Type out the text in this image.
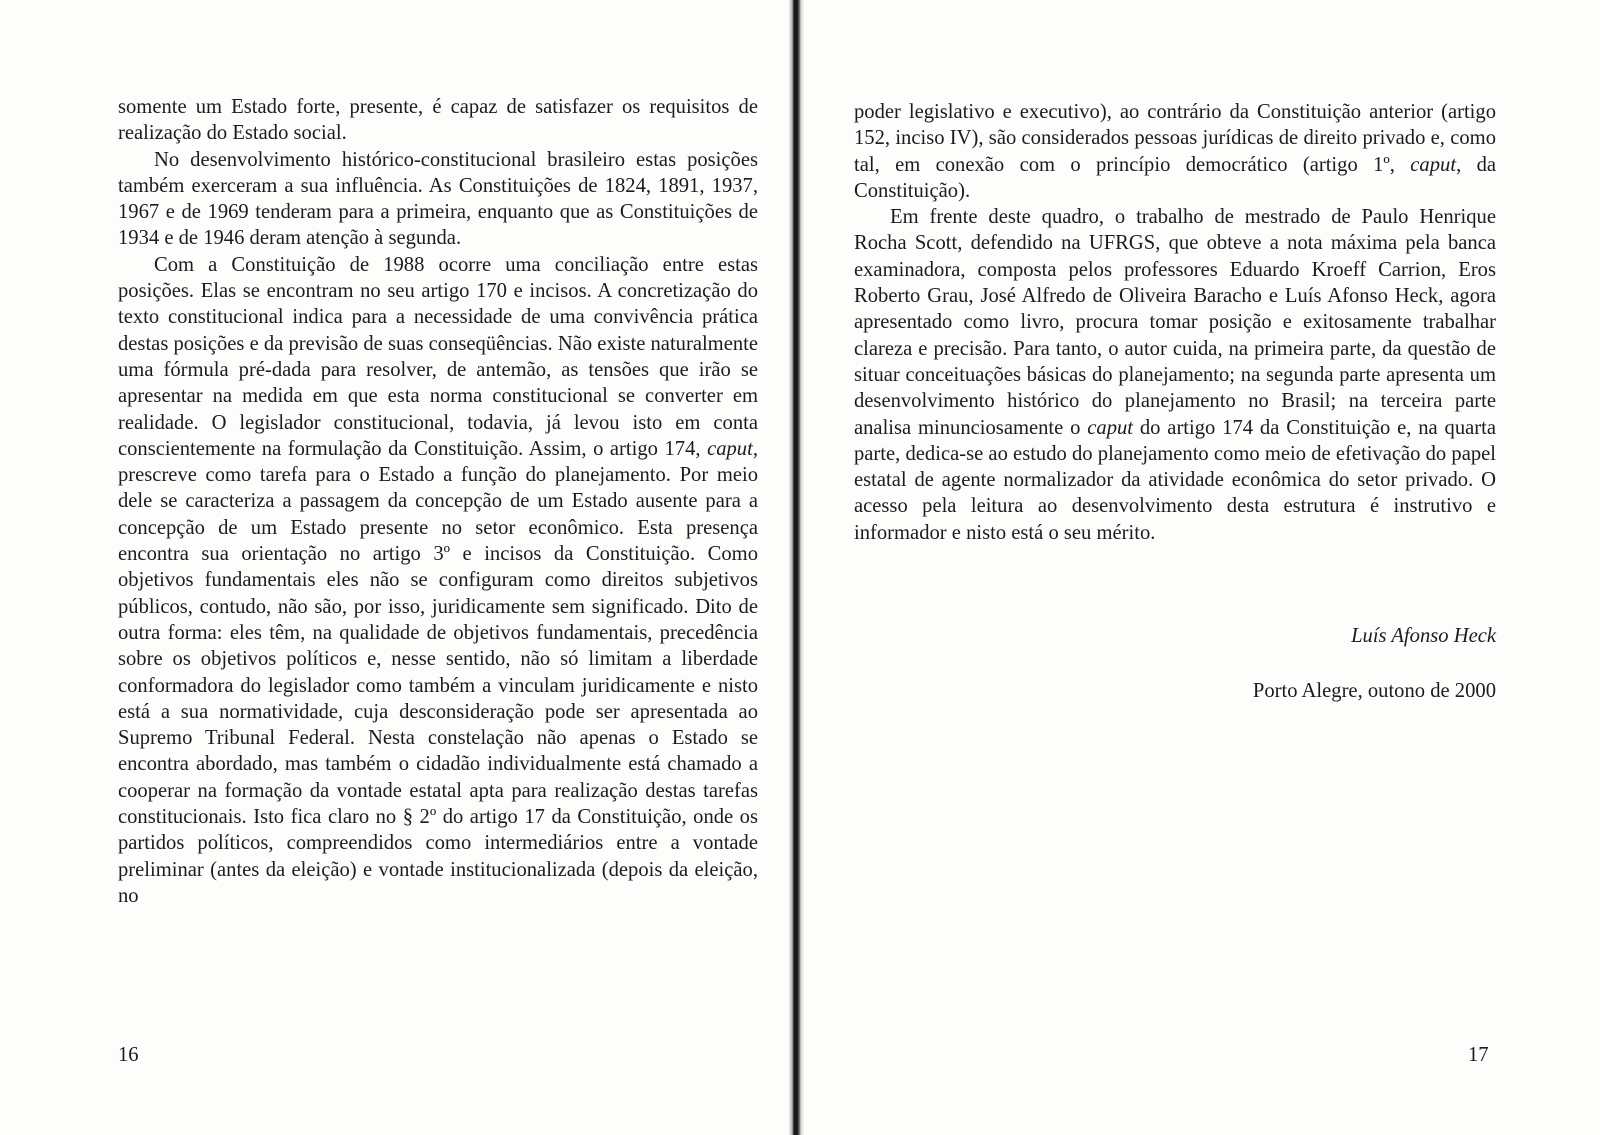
somente um Estado forte, presente, é capaz de satisfazer os requisitos de realização do Estado social.

No desenvolvimento histórico-constitucional brasileiro estas posições também exerceram a sua influência. As Constituições de 1824, 1891, 1937, 1967 e de 1969 tenderam para a primeira, enquanto que as Constituições de 1934 e de 1946 deram atenção à segunda.

Com a Constituição de 1988 ocorre uma conciliação entre estas posições. Elas se encontram no seu artigo 170 e incisos. A concretização do texto constitucional indica para a necessidade de uma convivência prática destas posições e da previsão de suas conseqüências. Não existe naturalmente uma fórmula pré-dada para resolver, de antemão, as tensões que irão se apresentar na medida em que esta norma constitucional se converter em realidade. O legislador constitucional, todavia, já levou isto em conta conscientemente na formulação da Constituição. Assim, o artigo 174, caput, prescreve como tarefa para o Estado a função do planejamento. Por meio dele se caracteriza a passagem da concepção de um Estado ausente para a concepção de um Estado presente no setor econômico. Esta presença encontra sua orientação no artigo 3º e incisos da Constituição. Como objetivos fundamentais eles não se configuram como direitos subjetivos públicos, contudo, não são, por isso, juridicamente sem significado. Dito de outra forma: eles têm, na qualidade de objetivos fundamentais, precedência sobre os objetivos políticos e, nesse sentido, não só limitam a liberdade conformadora do legislador como também a vinculam juridicamente e nisto está a sua normatividade, cuja desconsideração pode ser apresentada ao Supremo Tribunal Federal. Nesta constelação não apenas o Estado se encontra abordado, mas também o cidadão individualmente está chamado a cooperar na formação da vontade estatal apta para realização destas tarefas constitucionais. Isto fica claro no § 2º do artigo 17 da Constituição, onde os partidos políticos, compreendidos como intermediários entre a vontade preliminar (antes da eleição) e vontade institucionalizada (depois da eleição, no

16

poder legislativo e executivo), ao contrário da Constituição anterior (artigo 152, inciso IV), são considerados pessoas jurídicas de direito privado e, como tal, em conexão com o princípio democrático (artigo 1º, caput, da Constituição).

Em frente deste quadro, o trabalho de mestrado de Paulo Henrique Rocha Scott, defendido na UFRGS, que obteve a nota máxima pela banca examinadora, composta pelos professores Eduardo Kroeff Carrion, Eros Roberto Grau, José Alfredo de Oliveira Baracho e Luís Afonso Heck, agora apresentado como livro, procura tomar posição e exitosamente trabalhar clareza e precisão. Para tanto, o autor cuida, na primeira parte, da questão de situar conceituações básicas do planejamento; na segunda parte apresenta um desenvolvimento histórico do planejamento no Brasil; na terceira parte analisa minunciosamente o caput do artigo 174 da Constituição e, na quarta parte, dedica-se ao estudo do planejamento como meio de efetivação do papel estatal de agente normalizador da atividade econômica do setor privado. O acesso pela leitura ao desenvolvimento desta estrutura é instrutivo e informador e nisto está o seu mérito.

Luís Afonso Heck
Porto Alegre, outono de 2000
17
